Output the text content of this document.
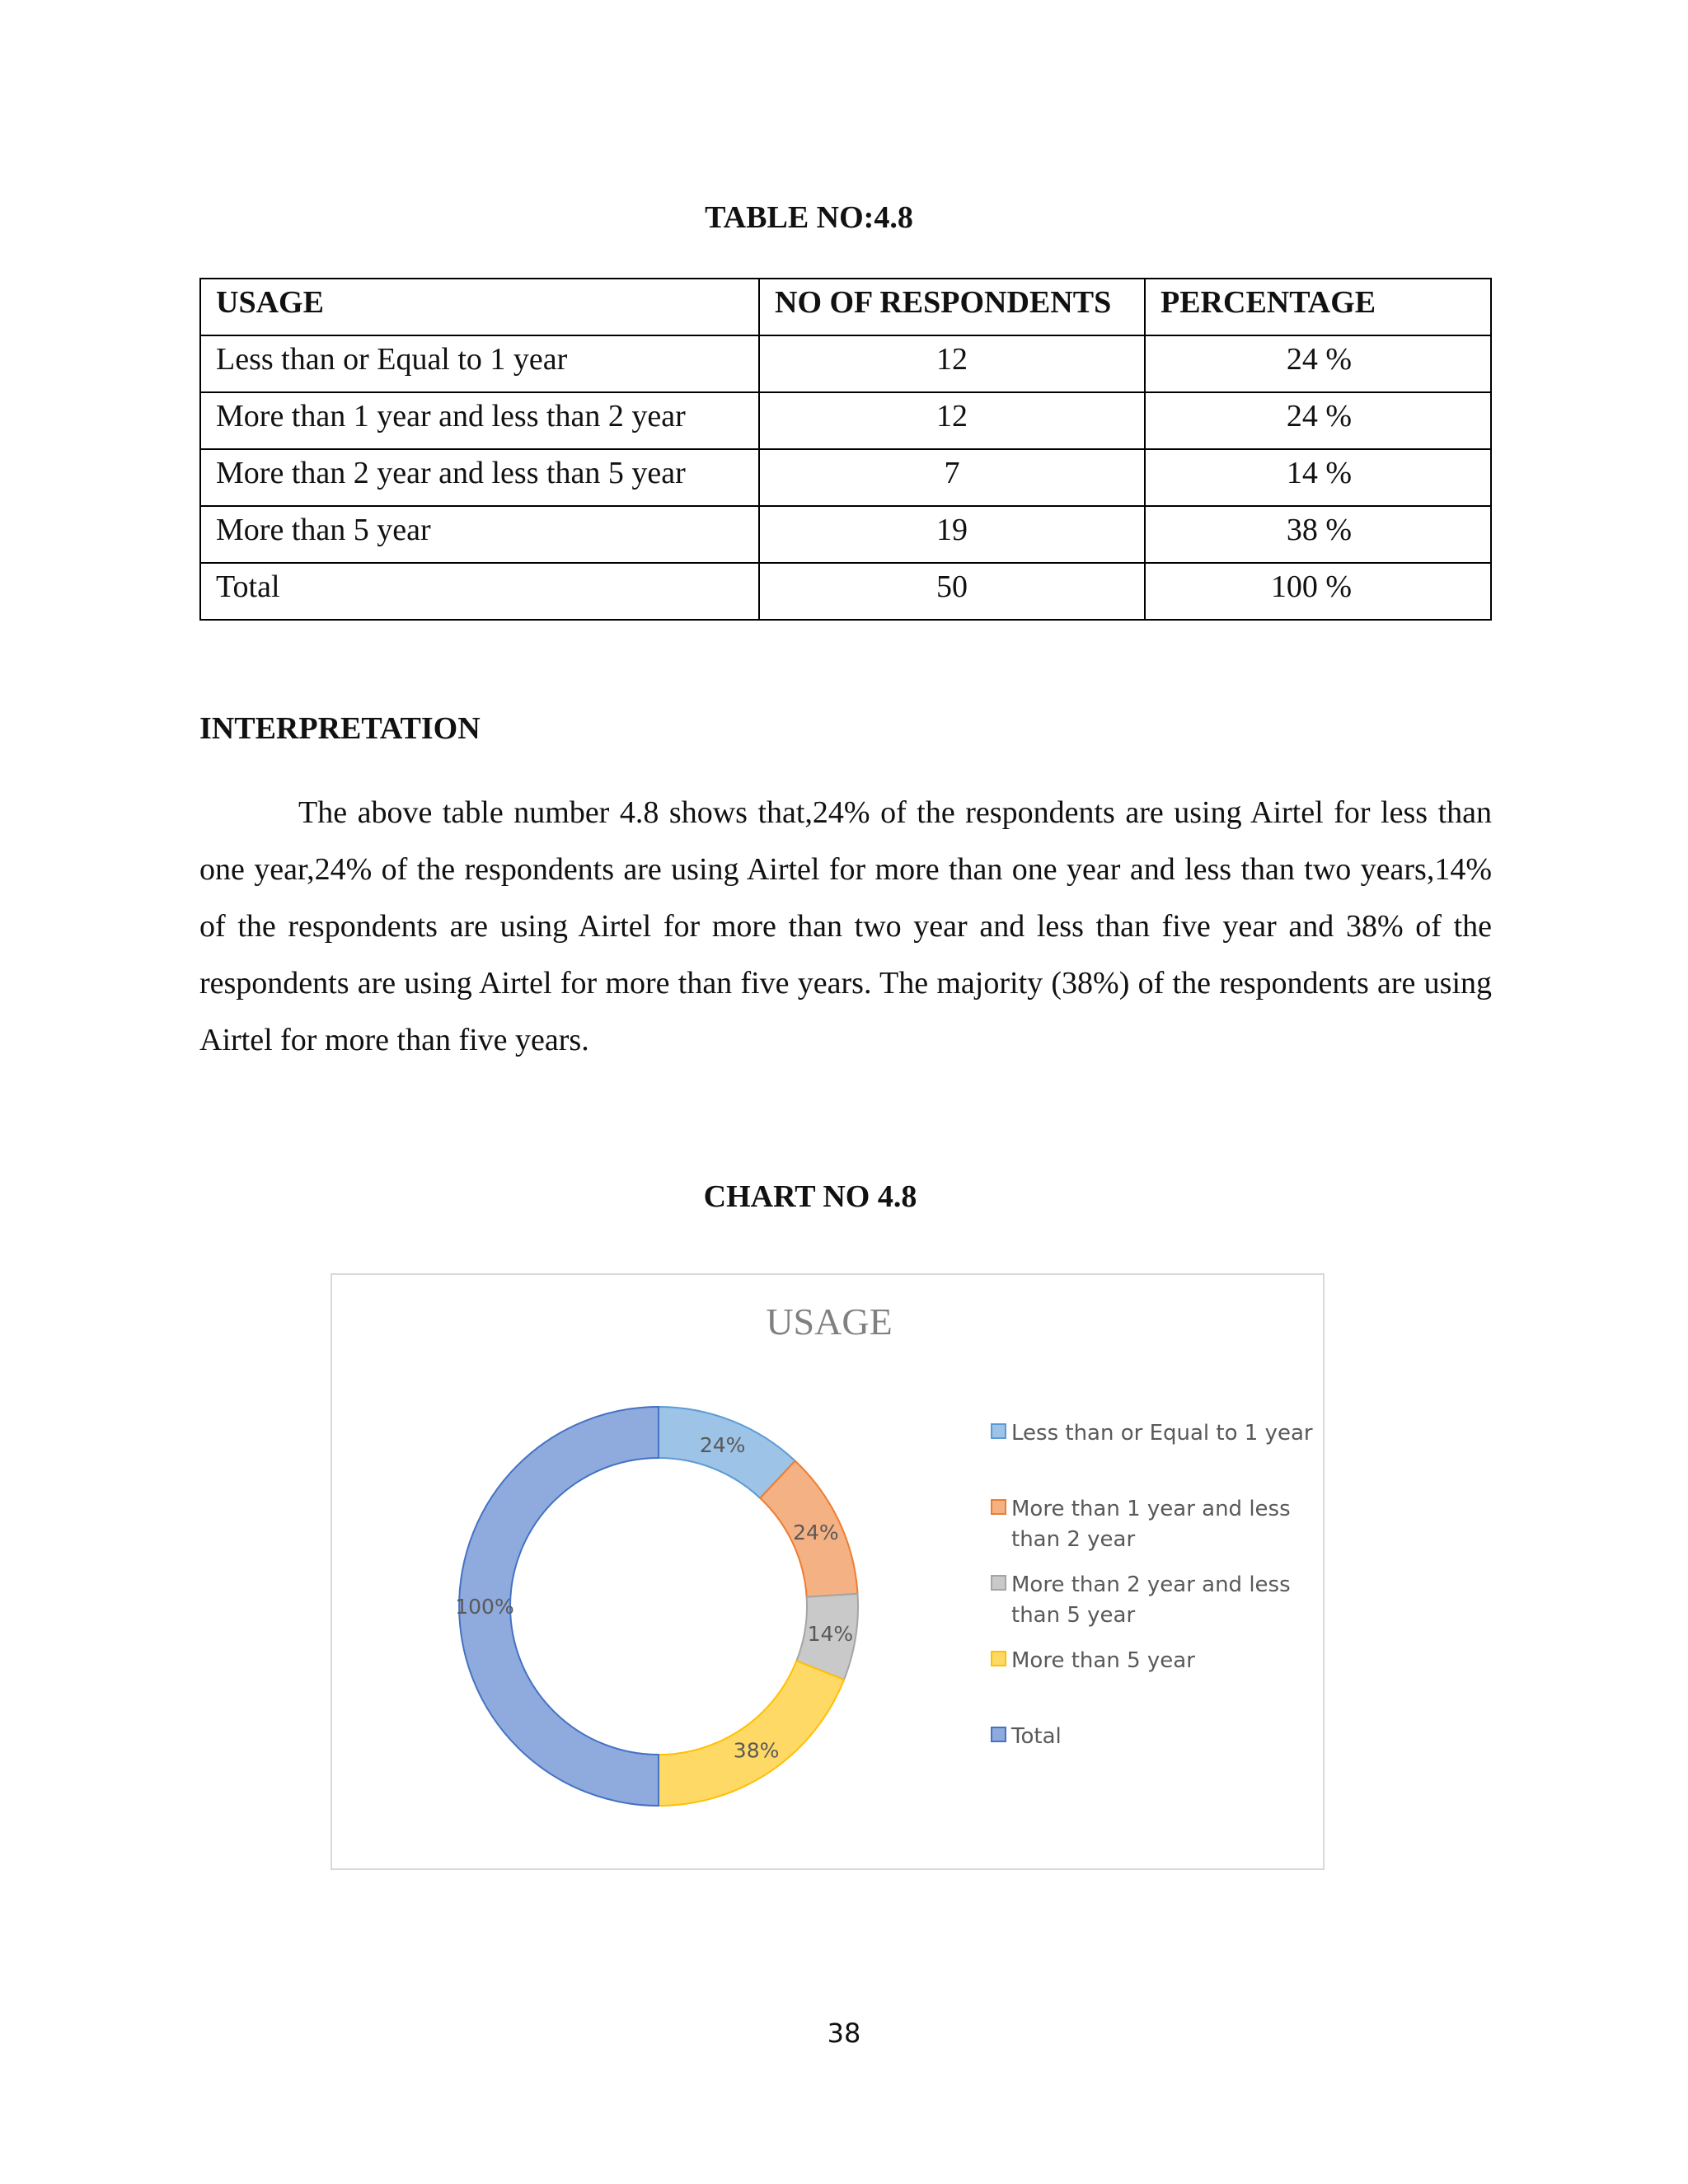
TABLE NO:4.8
USAGE	NO OF RESPONDENTS	PERCENTAGE
Less than or Equal to 1 year	12	24 %
More than 1 year and less than 2 year	12	24 %
More than 2 year and less than 5 year	7	14 %
More than 5 year	19	38 %
Total	50	100 %
INTERPRETATION
The above table number 4.8 shows that,24% of the respondents are using Airtel for less than one year,24% of the respondents are using Airtel for more than one year and less than two years,14% of the respondents are using Airtel for more than two year and less than five year and 38% of the respondents are using Airtel for more than five years. The majority (38%) of the respondents are using Airtel for more than five years.
CHART NO 4.8
USAGE
24%
24%
14%
38%
100%
Less than or Equal to 1 year
More than 1 year and less
than 2 year
More than 2 year and less
than 5 year
More than 5 year
Total
38
